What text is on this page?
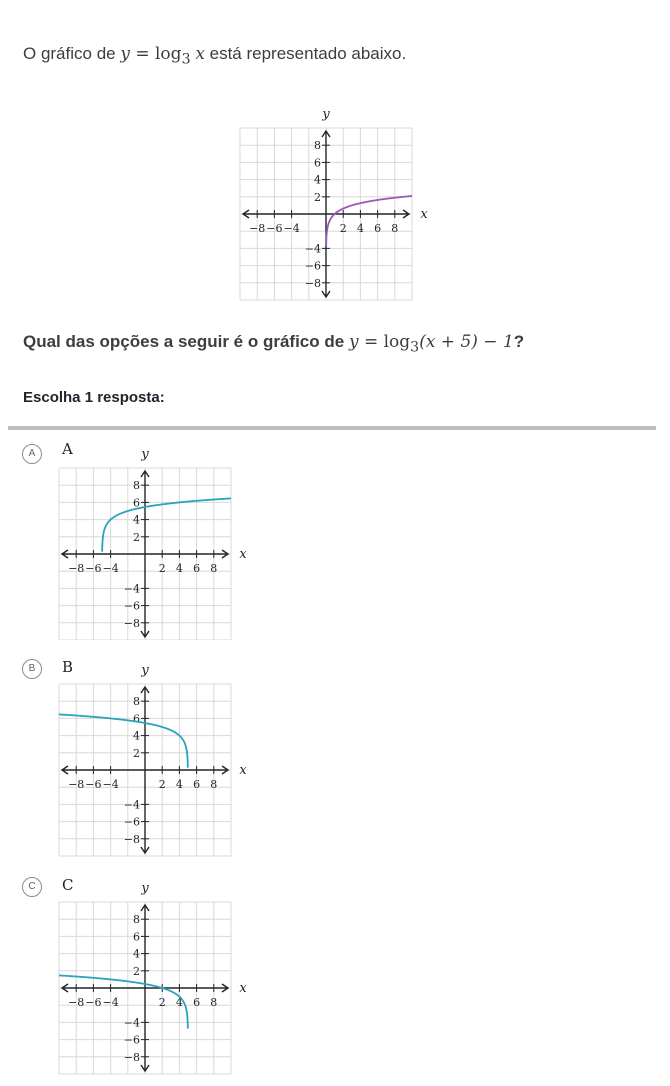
O gráfico de $y = \log_3 x$ está representado abaixo.
−8 −6 −4	2 4 6 8
8
6
4
2
−4
−6
−8
x
y
Qual das opções a seguir é o gráfico de $y = \log_3(x + 5) - 1$?
Escolha 1 resposta:
A	A
−8 −6 −4	2 4 6 8
8
6
4
2
−4
−6
−8
x
y
B	B
−8 −6 −4	2 4 6 8
8
6
4
2
−4
−6
−8
x
y
C	C
−8 −6 −4	2 4 6 8
8
6
4
2
−4
−6
−8
x
y
